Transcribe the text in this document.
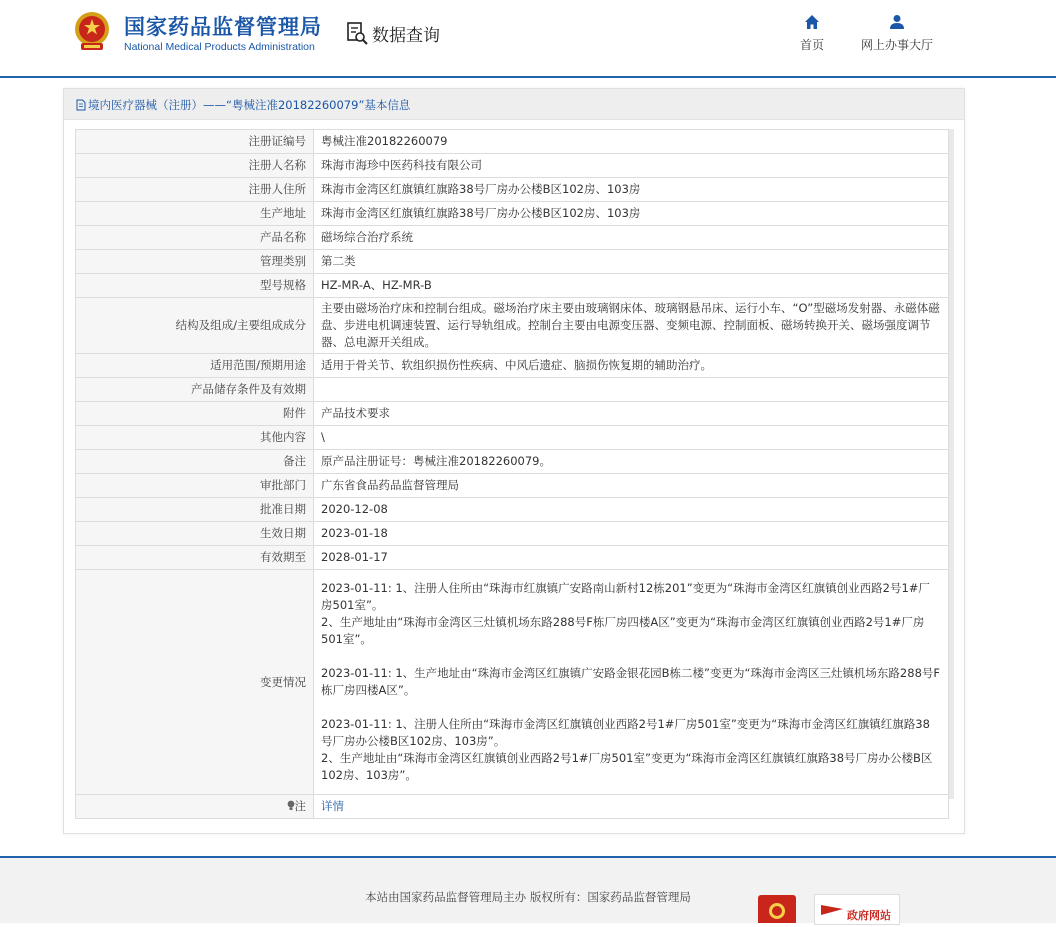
国家药品监督管理局
National Medical Products Administration
数据查询	首页	网上办事大厅
境内医疗器械（注册）——“粤械注准20182260079”基本信息
注册证编号	粤械注准20182260079
注册人名称	珠海市海珍中医药科技有限公司
注册人住所	珠海市金湾区红旗镇红旗路38号厂房办公楼B区102房、103房
生产地址	珠海市金湾区红旗镇红旗路38号厂房办公楼B区102房、103房
产品名称	磁场综合治疗系统
管理类别	第二类
型号规格	HZ-MR-A、HZ-MR-B
结构及组成/主要组成成分	主要由磁场治疗床和控制台组成。磁场治疗床主要由玻璃钢床体、玻璃钢悬吊床、运行小车、“O”型磁场发射器、永磁体磁盘、步进电机调速装置、运行导轨组成。控制台主要由电源变压器、变频电源、控制面板、磁场转换开关、磁场强度调节器、总电源开关组成。
适用范围/预期用途	适用于骨关节、软组织损伤性疾病、中风后遗症、脑损伤恢复期的辅助治疗。
产品储存条件及有效期	
附件	产品技术要求
其他内容	\
备注	原产品注册证号：粤械注准20182260079。
审批部门	广东省食品药品监督管理局
批准日期	2020-12-08
生效日期	2023-01-18
有效期至	2028-01-17
变更情况	2023-01-11: 1、注册人住所由“珠海市红旗镇广安路南山新村12栋201”变更为“珠海市金湾区红旗镇创业西路2号1#厂房501室”。
2、生产地址由“珠海市金湾区三灶镇机场东路288号F栋厂房四楼A区”变更为“珠海市金湾区红旗镇创业西路2号1#厂房501室”。
2023-01-11: 1、生产地址由“珠海市金湾区红旗镇广安路金银花园B栋二楼”变更为“珠海市金湾区三灶镇机场东路288号F栋厂房四楼A区”。
2023-01-11: 1、注册人住所由“珠海市金湾区红旗镇创业西路2号1#厂房501室”变更为“珠海市金湾区红旗镇红旗路38号厂房办公楼B区102房、103房”。
2、生产地址由“珠海市金湾区红旗镇创业西路2号1#厂房501室”变更为“珠海市金湾区红旗镇红旗路38号厂房办公楼B区102房、103房”。

注	详情
本站由国家药品监督管理局主办 版权所有：国家药品监督管理局
政府网站
